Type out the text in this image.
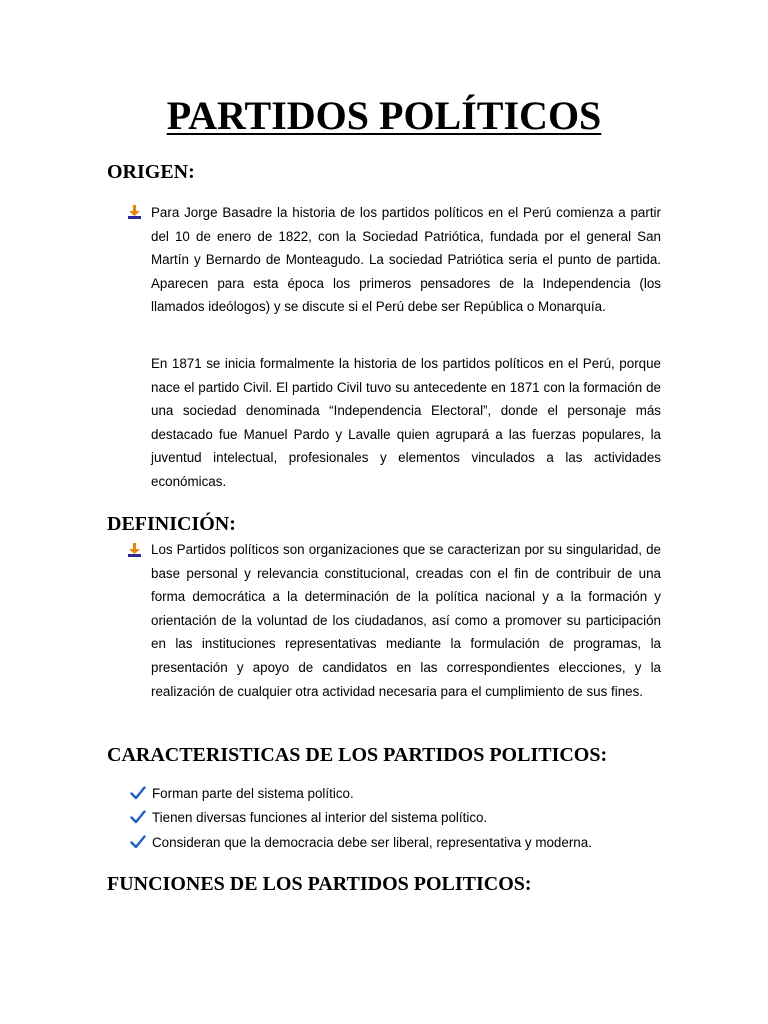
PARTIDOS POLÍTICOS
ORIGEN:

Para Jorge Basadre la historia de los partidos políticos en el Perú comienza a partir del 10 de enero de 1822, con la Sociedad Patriótica, fundada por el general San Martín y Bernardo de Monteagudo. La sociedad Patriótica seria el punto de partida. Aparecen para esta época los primeros pensadores de la Independencia (los llamados ideólogos) y se discute si el Perú debe ser República o Monarquía.

En 1871 se inicia formalmente la historia de los partidos políticos en el Perú, porque nace el partido Civil. El partido Civil tuvo su antecedente en 1871 con la formación de una sociedad denominada “Independencia Electoral”, donde el personaje más destacado fue Manuel Pardo y Lavalle quien agrupará a las fuerzas populares, la juventud intelectual, profesionales y elementos vinculados a las actividades económicas.

DEFINICIÓN:

Los Partidos políticos son organizaciones que se caracterizan por su singularidad, de base personal y relevancia constitucional, creadas con el fin de contribuir de una forma democrática a la determinación de la política nacional y a la formación y orientación de la voluntad de los ciudadanos, así como a promover su participación en las instituciones representativas mediante la formulación de programas, la presentación y apoyo de candidatos en las correspondientes elecciones, y la realización de cualquier otra actividad necesaria para el cumplimiento de sus fines.

CARACTERISTICAS DE LOS PARTIDOS POLITICOS:
Forman parte del sistema político.
Tienen diversas funciones al interior del sistema político.
Consideran que la democracia debe ser liberal, representativa y moderna.
FUNCIONES DE LOS PARTIDOS POLITICOS:
